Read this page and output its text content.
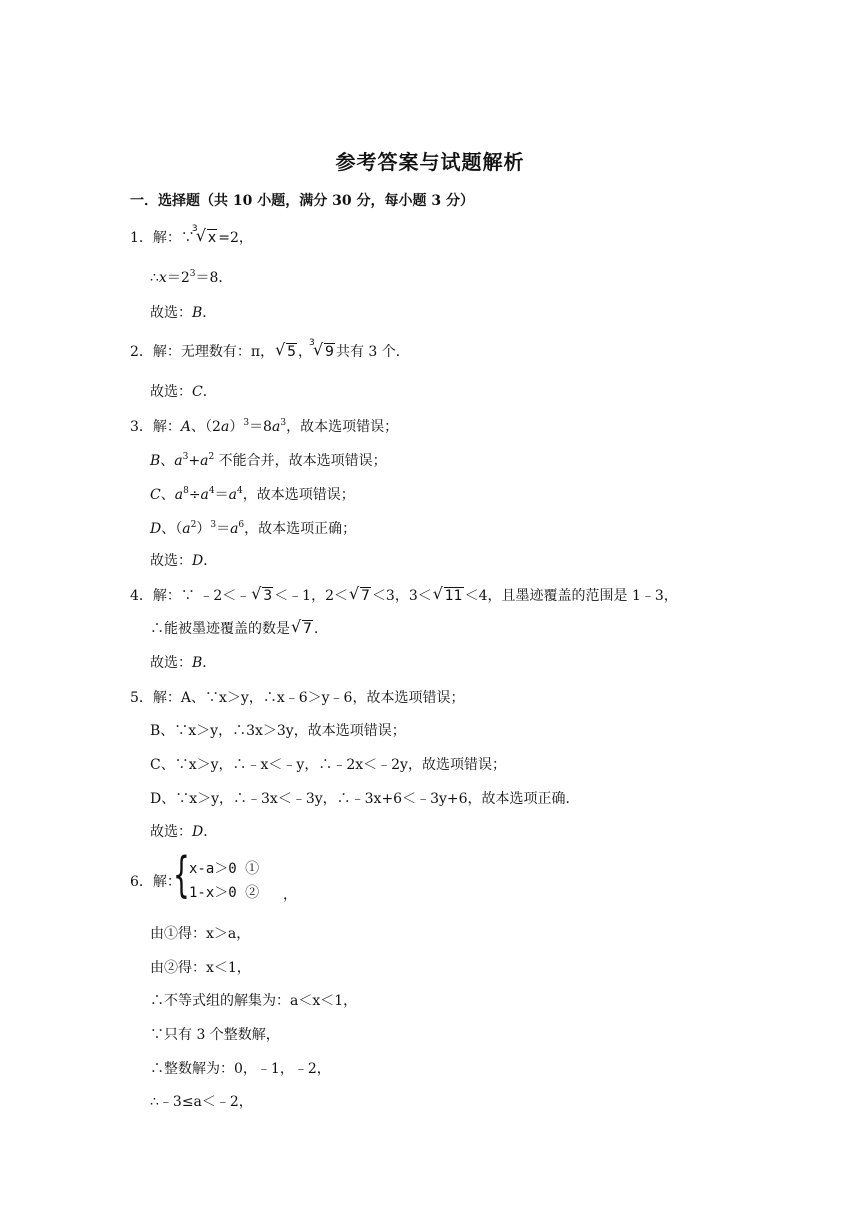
参考答案与试题解析
一．选择题（共 10 小题，满分 30 分，每小题 3 分）
1．解：∵
3
√ x =2，
$\therefore x=2^3=8$．
故选：B．
2．解：无理数有：π， √ 5 ，
3
√ 9 共有 3 个．
故选：C．
3．解：A、$(2a)^3=8a^3$，故本选项错误；
B、$a^3+a^2$ 不能合并，故本选项错误；
C、$a^8\div a^4=a^4$，故本选项错误；
D、$(a^2)^3=a^6$，故本选项正确；
故选：D．
4．解：∵ ﹣2＜﹣ √ 3 ＜﹣1，2＜ √ 7 ＜3，3＜ √ 11 ＜4，且墨迹覆盖的范围是 1﹣3，
∴能被墨迹覆盖的数是 √ 7 .
故选：B．
5．解：A、∵x＞y，∴x﹣6＞y﹣6，故本选项错误；
B、∵x＞y，∴3x＞3y，故本选项错误；
C、∵x＞y，∴﹣x＜﹣y，∴﹣2x＜﹣2y，故选项错误；
D、∵x＞y，∴﹣3x＜﹣3y，∴﹣3x+6＜﹣3y+6，故本选项正确．
故选：D．
6．解：
{ x-a＞0 ①
1-x＞0 ② ，
由①得：x＞a，
由②得：x＜1，
∴不等式组的解集为：a＜x＜1，
∵只有 3 个整数解，
∴整数解为：0，﹣1，﹣2，
∴﹣3≤a＜﹣2，
